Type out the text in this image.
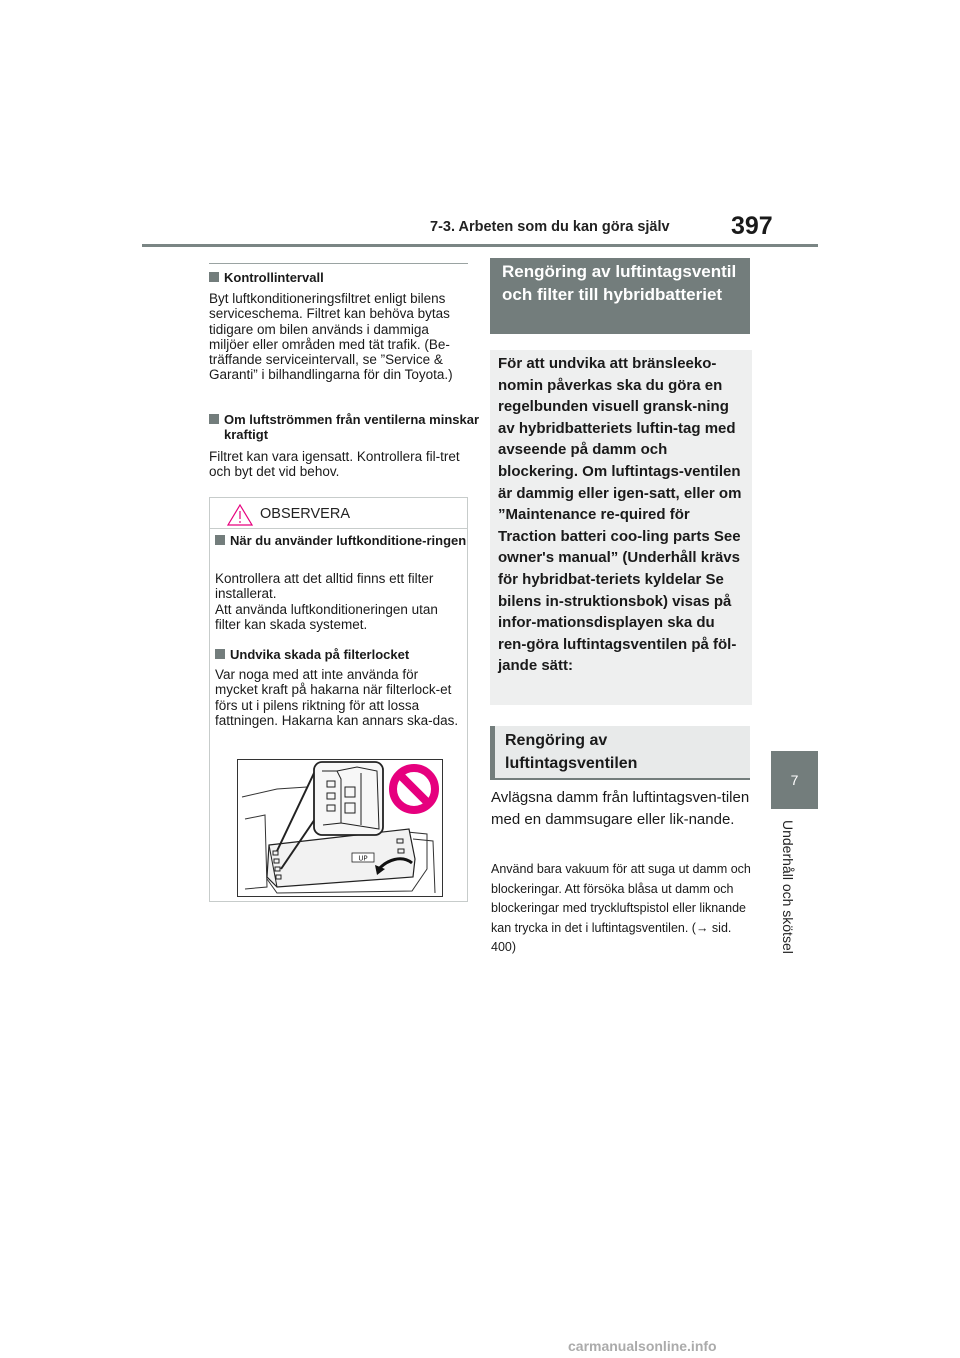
7-3. Arbeten som du kan göra själv 397
7
Underhåll och skötsel
Kontrollintervall
Byt luftkonditioneringsfiltret enligt bilens serviceschema. Filtret kan behöva bytas tidigare om bilen används i dammiga miljöer eller områden med tät trafik. (Be-träffande serviceintervall, se ”Service & Garanti” i bilhandlingarna för din Toyota.)
Om luftströmmen från ventilerna minskar kraftigt
Filtret kan vara igensatt. Kontrollera fil-tret och byt det vid behov.
OBSERVERA
När du använder luftkonditione-ringen
Kontrollera att det alltid finns ett filter installerat.
Att använda luftkonditioneringen utan filter kan skada systemet.
Undvika skada på filterlocket
Var noga med att inte använda för mycket kraft på hakarna när filterlock-et förs ut i pilens riktning för att lossa fattningen. Hakarna kan annars ska-das.
UP
Rengöring av luftintagsventil och filter till hybridbatteriet
För att undvika att bränsleeko-nomin påverkas ska du göra en regelbunden visuell gransk-ning av hybridbatteriets luftin-tag med avseende på damm och blockering. Om luftintags-ventilen är dammig eller igen-satt, eller om ”Maintenance re-quired för Traction batteri coo-ling parts See owner's manual” (Underhåll krävs för hybridbat-teriets kyldelar Se bilens in-struktionsbok) visas på infor-mationsdisplayen ska du ren-göra luftintagsventilen på föl-jande sätt:
Rengöring av luftintagsventilen
Avlägsna damm från luftintagsven-tilen med en dammsugare eller lik-nande.
Använd bara vakuum för att suga ut damm och blockeringar. Att försöka blåsa ut damm och blockeringar med tryckluftspistol eller liknande kan trycka in det i luftintagsventilen. (→ sid. 400)
carmanualsonline.info
